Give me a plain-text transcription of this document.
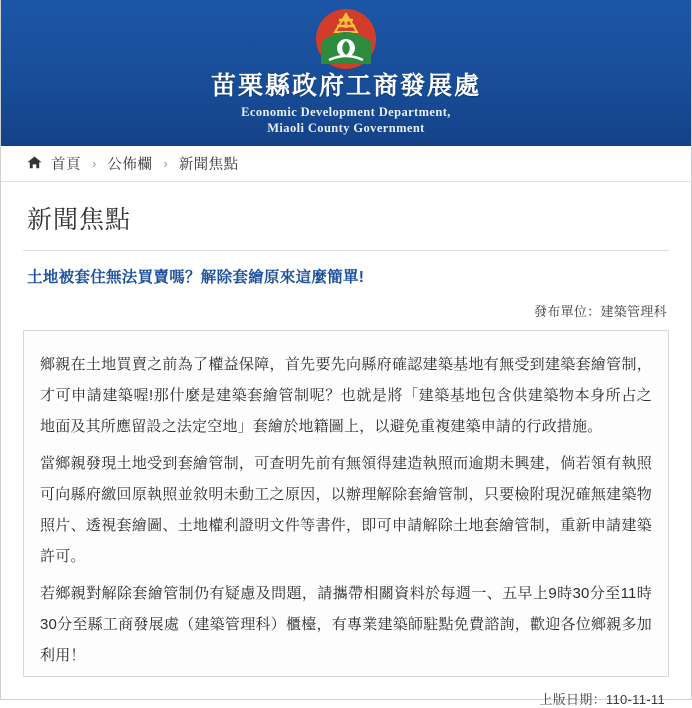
苗栗縣政府工商發展處
Economic Development Department,
Miaoli County Government
首頁 › 公佈欄 › 新聞焦點
新聞焦點
土地被套住無法買賣嗎？解除套繪原來這麼簡單!
發布單位：建築管理科

鄉親在土地買賣之前為了權益保障，首先要先向縣府確認建築基地有無受到建築套繪管制，才可申請建築喔!那什麼是建築套繪管制呢？也就是將「建築基地包含供建築物本身所占之地面及其所應留設之法定空地」套繪於地籍圖上，以避免重複建築申請的行政措施。

當鄉親發現土地受到套繪管制，可查明先前有無領得建造執照而逾期未興建，倘若領有執照可向縣府繳回原執照並敘明未動工之原因，以辦理解除套繪管制，只要檢附現況確無建築物照片、透視套繪圖、土地權利證明文件等書件，即可申請解除土地套繪管制，重新申請建築許可。

若鄉親對解除套繪管制仍有疑慮及問題，請攜帶相關資料於每週一、五早上9時30分至11時30分至縣工商發展處（建築管理科）櫃檯，有專業建築師駐點免費諮詢，歡迎各位鄉親多加利用！

上版日期：110-11-11
